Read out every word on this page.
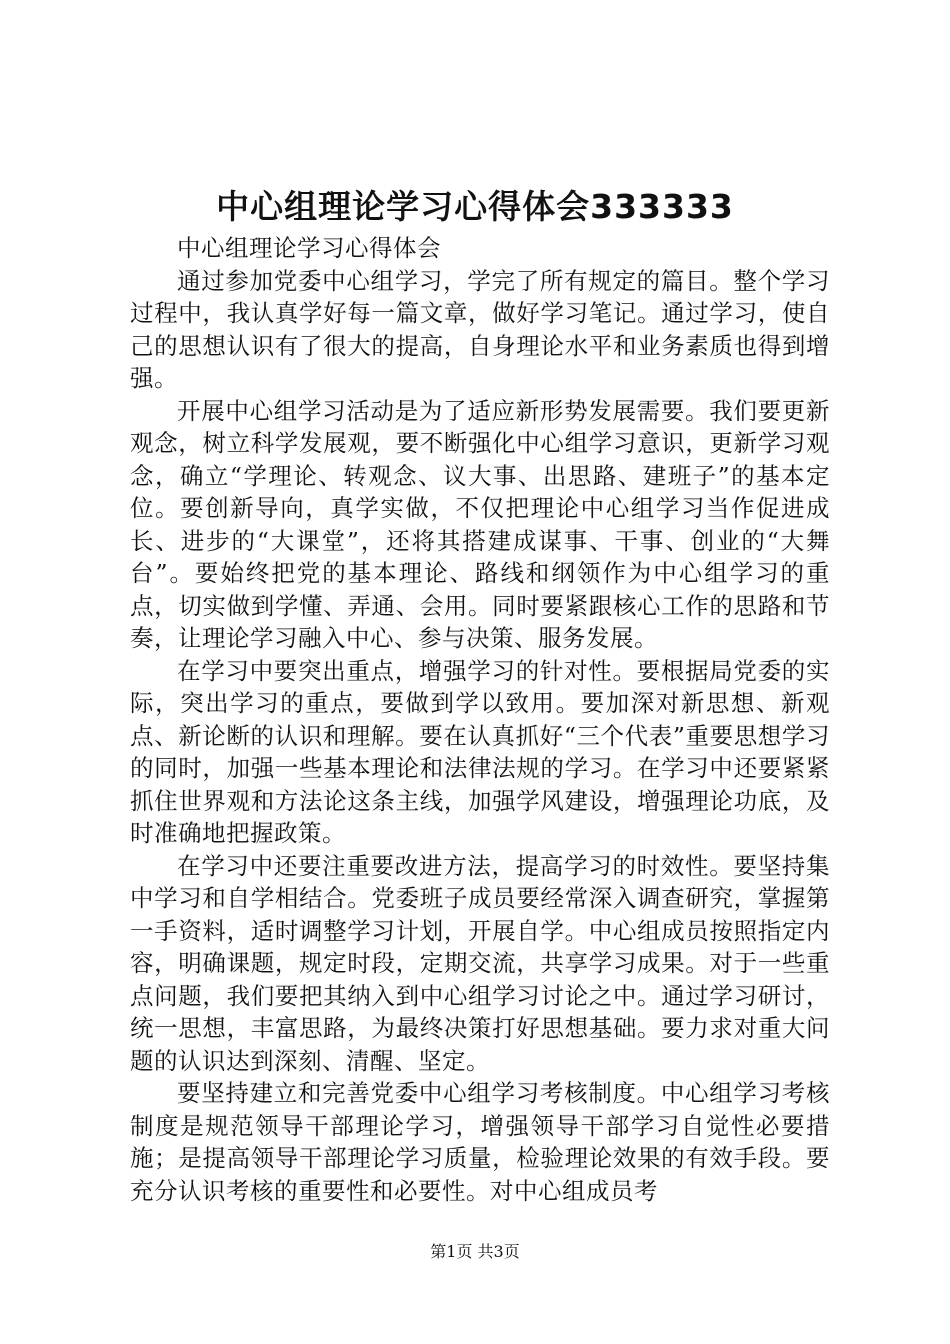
中心组理论学习心得体会333333

中心组理论学习心得体会

通过参加党委中心组学习，学完了所有规定的篇目。整个学习过程中，我认真学好每一篇文章，做好学习笔记。通过学习，使自己的思想认识有了很大的提高，自身理论水平和业务素质也得到增强。

开展中心组学习活动是为了适应新形势发展需要。我们要更新观念，树立科学发展观，要不断强化中心组学习意识，更新学习观念，确立“学理论、转观念、议大事、出思路、建班子”的基本定位。要创新导向，真学实做，不仅把理论中心组学习当作促进成长、进步的“大课堂”，还将其搭建成谋事、干事、创业的“大舞台”。要始终把党的基本理论、路线和纲领作为中心组学习的重点，切实做到学懂、弄通、会用。同时要紧跟核心工作的思路和节奏，让理论学习融入中心、参与决策、服务发展。

在学习中要突出重点，增强学习的针对性。要根据局党委的实际，突出学习的重点，要做到学以致用。要加深对新思想、新观点、新论断的认识和理解。要在认真抓好“三个代表”重要思想学习的同时，加强一些基本理论和法律法规的学习。在学习中还要紧紧抓住世界观和方法论这条主线，加强学风建设，增强理论功底，及时准确地把握政策。

在学习中还要注重要改进方法，提高学习的时效性。要坚持集中学习和自学相结合。党委班子成员要经常深入调查研究，掌握第一手资料，适时调整学习计划，开展自学。中心组成员按照指定内容，明确课题，规定时段，定期交流，共享学习成果。对于一些重点问题，我们要把其纳入到中心组学习讨论之中。通过学习研讨，统一思想，丰富思路，为最终决策打好思想基础。要力求对重大问题的认识达到深刻、清醒、坚定。

要坚持建立和完善党委中心组学习考核制度。中心组学习考核制度是规范领导干部理论学习，增强领导干部学习自觉性必要措施；是提高领导干部理论学习质量，检验理论效果的有效手段。要充分认识考核的重要性和必要性。对中心组成员考

第1页 共3页
